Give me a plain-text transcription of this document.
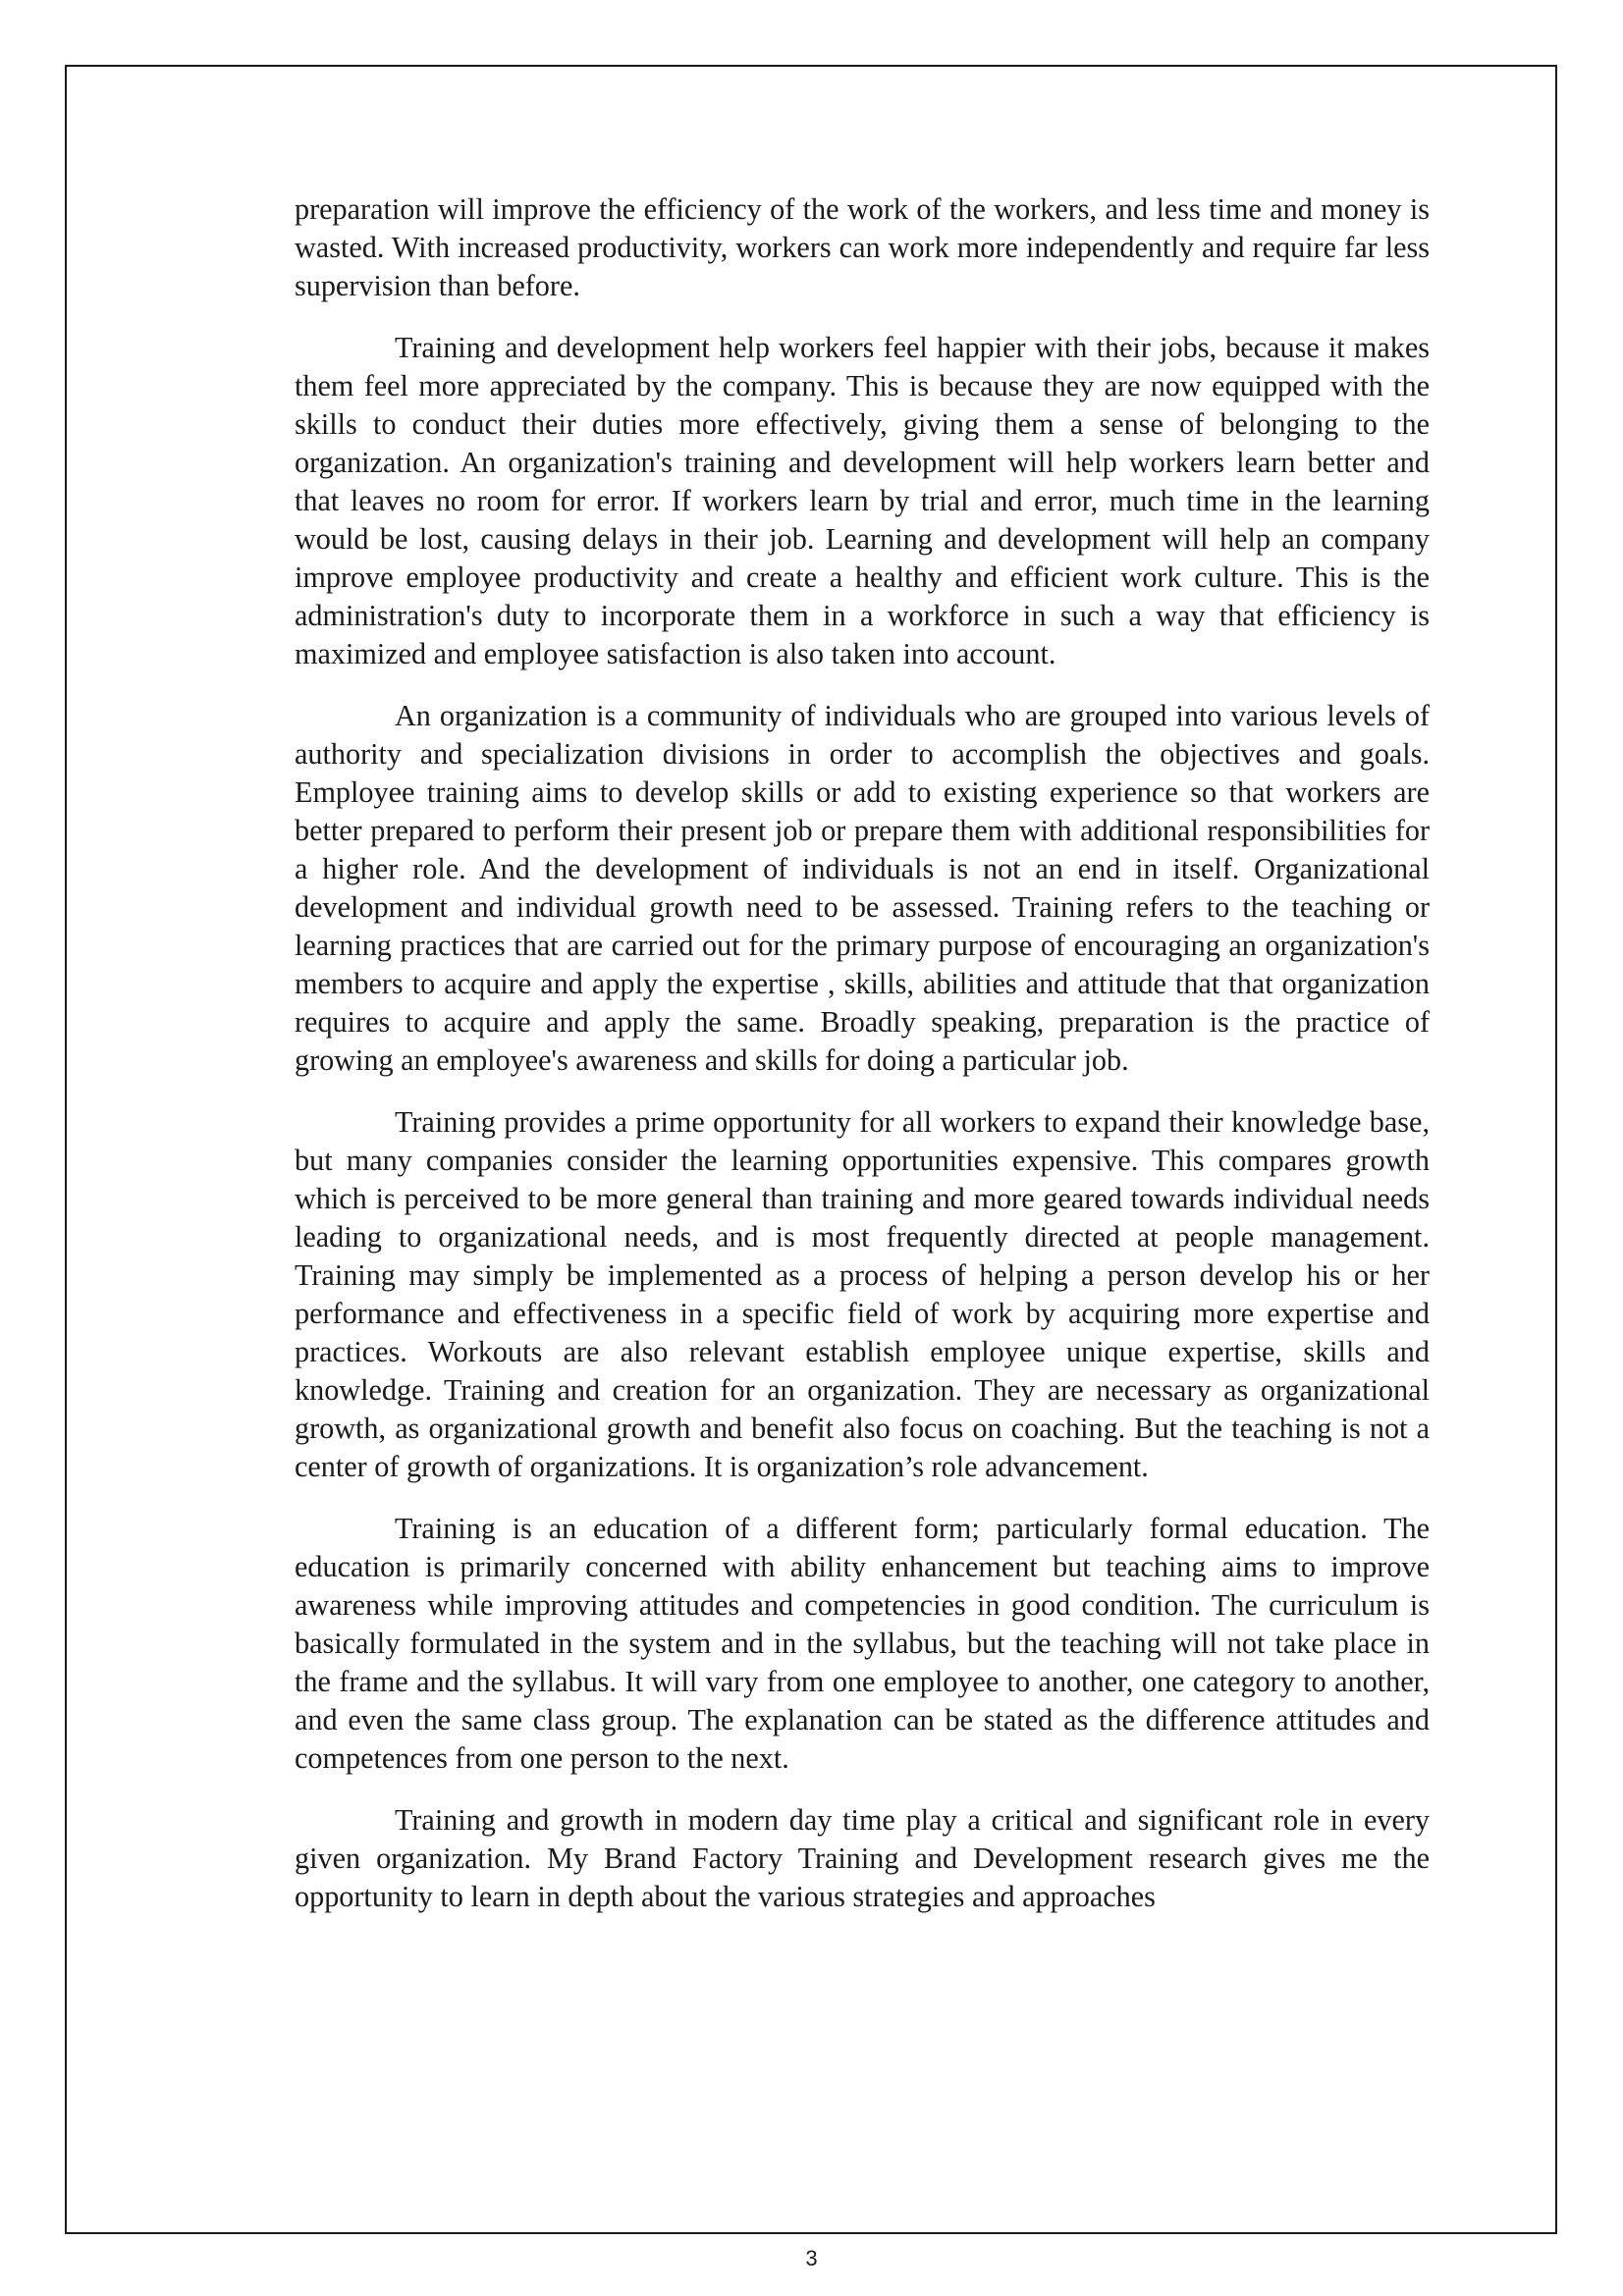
preparation will improve the efficiency of the work of the workers, and less time and money is wasted. With increased productivity, workers can work more independently and require far less supervision than before.

Training and development help workers feel happier with their jobs, because it makes them feel more appreciated by the company. This is because they are now equipped with the skills to conduct their duties more effectively, giving them a sense of belonging to the organization. An organization's training and development will help workers learn better and that leaves no room for error. If workers learn by trial and error, much time in the learning would be lost, causing delays in their job. Learning and development will help an company improve employee productivity and create a healthy and efficient work culture. This is the administration's duty to incorporate them in a workforce in such a way that efficiency is maximized and employee satisfaction is also taken into account.

An organization is a community of individuals who are grouped into various levels of authority and specialization divisions in order to accomplish the objectives and goals. Employee training aims to develop skills or add to existing experience so that workers are better prepared to perform their present job or prepare them with additional responsibilities for a higher role. And the development of individuals is not an end in itself. Organizational development and individual growth need to be assessed. Training refers to the teaching or learning practices that are carried out for the primary purpose of encouraging an organization's members to acquire and apply the expertise , skills, abilities and attitude that that organization requires to acquire and apply the same. Broadly speaking, preparation is the practice of growing an employee's awareness and skills for doing a particular job.

Training provides a prime opportunity for all workers to expand their knowledge base, but many companies consider the learning opportunities expensive. This compares growth which is perceived to be more general than training and more geared towards individual needs leading to organizational needs, and is most frequently directed at people management. Training may simply be implemented as a process of helping a person develop his or her performance and effectiveness in a specific field of work by acquiring more expertise and practices. Workouts are also relevant establish employee unique expertise, skills and knowledge. Training and creation for an organization. They are necessary as organizational growth, as organizational growth and benefit also focus on coaching. But the teaching is not a center of growth of organizations. It is organization’s role advancement.

Training is an education of a different form; particularly formal education. The education is primarily concerned with ability enhancement but teaching aims to improve awareness while improving attitudes and competencies in good condition. The curriculum is basically formulated in the system and in the syllabus, but the teaching will not take place in the frame and the syllabus. It will vary from one employee to another, one category to another, and even the same class group. The explanation can be stated as the difference attitudes and competences from one person to the next.

Training and growth in modern day time play a critical and significant role in every given organization. My Brand Factory Training and Development research gives me the opportunity to learn in depth about the various strategies and approaches

3
